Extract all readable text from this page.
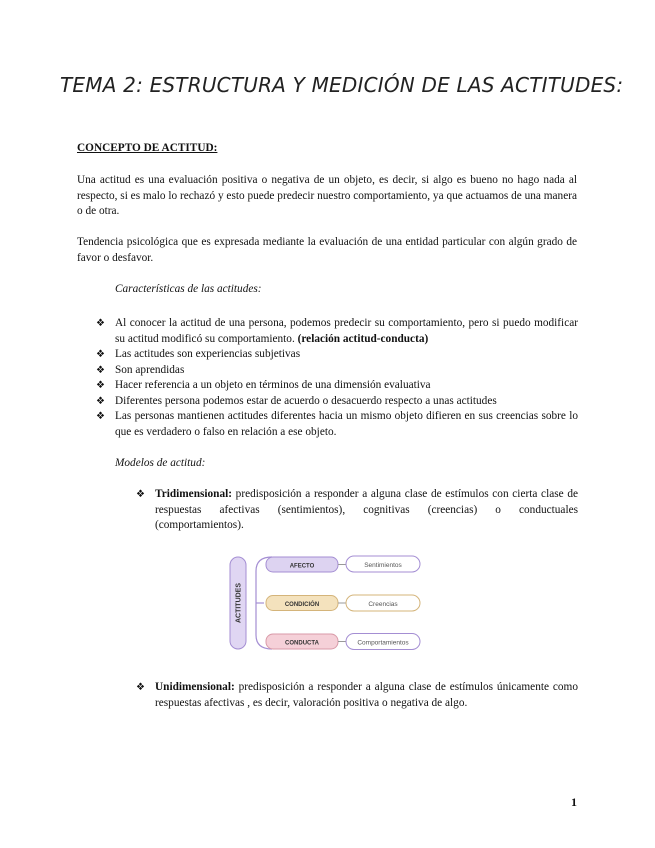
TEMA 2: ESTRUCTURA Y MEDICIÓN DE LAS ACTITUDES:
CONCEPTO DE ACTITUD:
Una actitud es una evaluación positiva o negativa de un objeto, es decir, si algo es bueno no hago nada al respecto, si es malo lo rechazó y esto puede predecir nuestro comportamiento, ya que actuamos de una manera o de otra.
Tendencia psicológica que es expresada mediante la evaluación de una entidad particular con algún grado de favor o desfavor.
Características de las actitudes:
❖ Al conocer la actitud de una persona, podemos predecir su comportamiento, pero si puedo modificar su actitud modificó su comportamiento. (relación actitud-conducta)
❖ Las actitudes son experiencias subjetivas
❖ Son aprendidas
❖ Hacer referencia a un objeto en términos de una dimensión evaluativa
❖ Diferentes persona podemos estar de acuerdo o desacuerdo respecto a unas actitudes
❖ Las personas mantienen actitudes diferentes hacia un mismo objeto difieren en sus creencias sobre lo que es verdadero o falso en relación a ese objeto.
Modelos de actitud:
❖ Tridimensional: predisposición a responder a alguna clase de estímulos con cierta clase de respuestas afectivas (sentimientos), cognitivas (creencias) o conductuales (comportamientos).
ACTITUDES
AFECTO	Sentimientos
CONDICIÓN	Creencias
CONDUCTA	Comportamientos
❖ Unidimensional: predisposición a responder a alguna clase de estímulos únicamente como respuestas afectivas , es decir, valoración positiva o negativa de algo.
1
